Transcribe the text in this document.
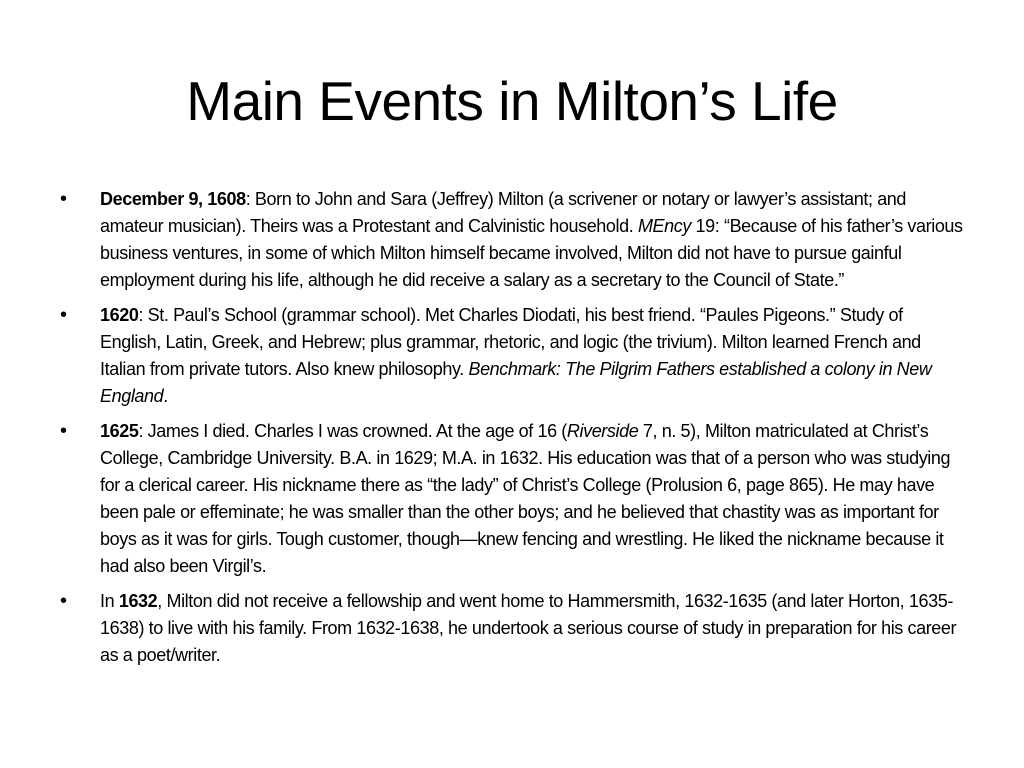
Main Events in Milton’s Life
• December 9, 1608: Born to John and Sara (Jeffrey) Milton (a scrivener or notary or lawyer’s assistant; and amateur musician). Theirs was a Protestant and Calvinistic household. MEncy 19: “Because of his father’s various business ventures, in some of which Milton himself became involved, Milton did not have to pursue gainful employment during his life, although he did receive a salary as a secretary to the Council of State.”
• 1620: St. Paul’s School (grammar school). Met Charles Diodati, his best friend. “Paules Pigeons.” Study of English, Latin, Greek, and Hebrew; plus grammar, rhetoric, and logic (the trivium). Milton learned French and Italian from private tutors. Also knew philosophy. Benchmark: The Pilgrim Fathers established a colony in New England.
• 1625: James I died. Charles I was crowned. At the age of 16 (Riverside 7, n. 5), Milton matriculated at Christ’s College, Cambridge University. B.A. in 1629; M.A. in 1632. His education was that of a person who was studying for a clerical career. His nickname there as “the lady” of Christ’s College (Prolusion 6, page 865). He may have been pale or effeminate; he was smaller than the other boys; and he believed that chastity was as important for boys as it was for girls. Tough customer, though—knew fencing and wrestling. He liked the nickname because it had also been Virgil’s.
• In 1632, Milton did not receive a fellowship and went home to Hammersmith, 1632-1635 (and later Horton, 1635-1638) to live with his family. From 1632-1638, he undertook a serious course of study in preparation for his career as a poet/writer.
